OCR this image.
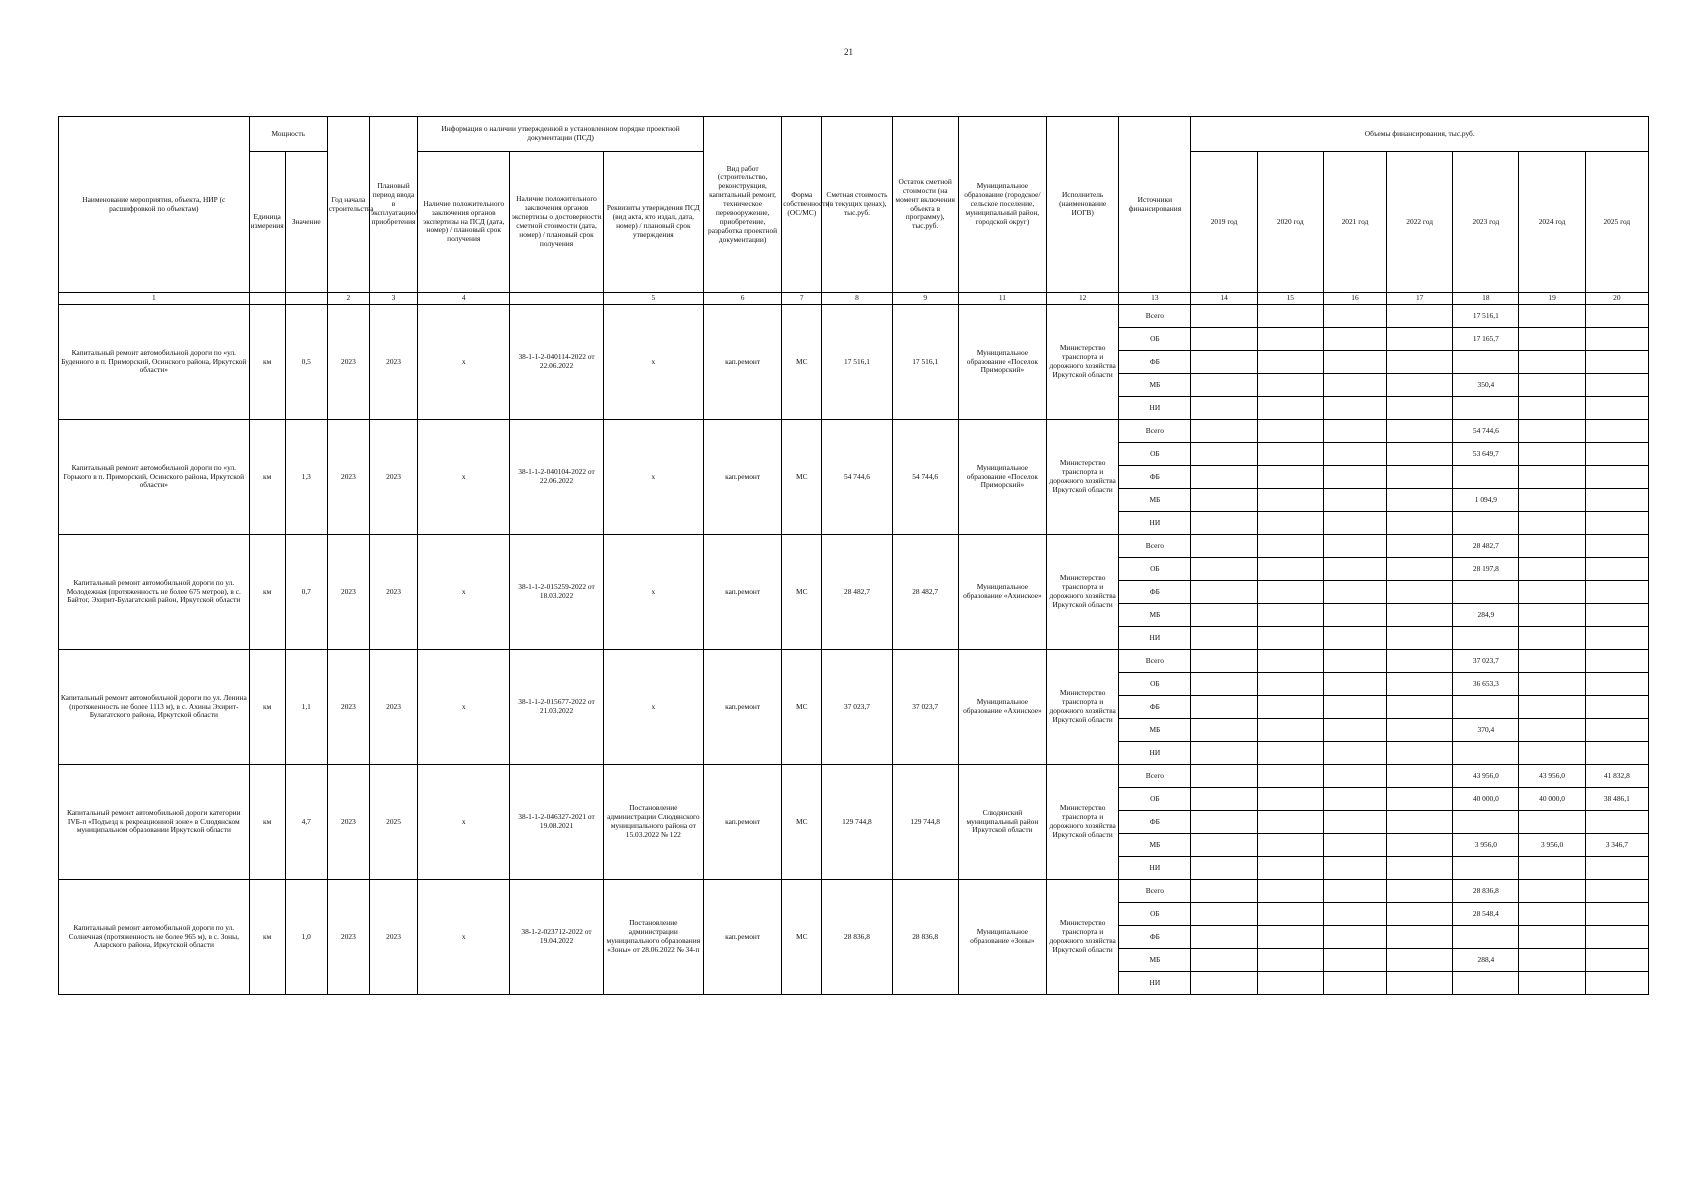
21
Наименование мероприятия, объекта, НИР (с расшифровкой по объектам)	Мощность		Год начала строительства	Плановый период ввода в эксплуатацию/приобретения	Информация о наличии утвержденной в установленном порядке проектной документации (ПСД)			Вид работ (строительство, реконструкция, капитальный ремонт, техническое перевооружение, приобретение, разработка проектной документации)	Форма собственности (ОС/МС)	Сметная стоимость (в текущих ценах), тыс.руб.	Остаток сметной стоимости (на момент включения объекта в программу), тыс.руб.	Муниципальное образование (городское/сельское поселение, муниципальный район, городской округ)	Исполнитель (наименование ИОГВ)	Источники финансирования	Объемы финансирования, тыс.руб.						
	Единица измерения	Значение			Наличие положительного заключения органов экспертизы на ПСД (дата, номер) / плановый срок получения	Наличие положительного заключения органов экспертизы о достоверности сметной стоимости (дата, номер) / плановый срок получения	Реквизиты утверждения ПСД (вид акта, кто издал, дата, номер) / плановый срок утверждения								2019 год	2020 год	2021 год	2022 год	2023 год	2024 год	2025 год
1			2	3	4		5	6	7	8	9	11	12	13	14	15	16	17	18	19	20
Капитальный ремонт автомобильной дороги по «ул. Буденного в п. Приморский, Осинского района, Иркутской области»	км	0,5	2023	2023	х	38-1-1-2-040114-2022 от 22.06.2022	х	кап.ремонт	МС	17 516,1	17 516,1	Муниципальное образование «Поселок Приморский»	Министерство транспорта и дорожного хозяйства Иркутской области	Всего					17 516,1		
														ОБ					17 165,7		
														ФБ							
														МБ					350,4		
														НИ							
Капитальный ремонт автомобильной дороги по «ул. Горького в п. Приморский, Осинского района, Иркутской области»	км	1,3	2023	2023	х	38-1-1-2-040104-2022 от 22.06.2022	х	кап.ремонт	МС	54 744,6	54 744,6	Муниципальное образование «Поселок Приморский»	Министерство транспорта и дорожного хозяйства Иркутской области	Всего					54 744,6		
														ОБ					53 649,7		
														ФБ							
														МБ					1 094,9		
														НИ							
Капитальный ремонт автомобильной дороги по ул. Молодежная (протяженность не более 675 метров), в с. Байтог, Эхирит-Булагатский район, Иркутской области	км	0,7	2023	2023	х	38-1-1-2-015259-2022 от 18.03.2022	х	кап.ремонт	МС	28 482,7	28 482,7	Муниципальное образование «Ахинское»	Министерство транспорта и дорожного хозяйства Иркутской области	Всего					28 482,7		
														ОБ					28 197,8		
														ФБ							
														МБ					284,9		
														НИ							
Капитальный ремонт автомобильной дороги по ул. Ленина (протяженность не более 1113 м), в с. Ахины Эхирит-Булагатского района, Иркутской области	км	1,1	2023	2023	х	38-1-1-2-015677-2022 от 21.03.2022	х	кап.ремонт	МС	37 023,7	37 023,7	Муниципальное образование «Ахинское»	Министерство транспорта и дорожного хозяйства Иркутской области	Всего					37 023,7		
														ОБ					36 653,3		
														ФБ							
														МБ					370,4		
														НИ							
Капитальный ремонт автомобильной дороги категории IVБ-п «Подъезд к рекреационной зоне» в Слюдянском муниципальном образовании Иркутской области	км	4,7	2023	2025	х	38-1-1-2-046327-2021 от 19.08.2021	Постановление администрации Слюдянского муниципального района от 15.03.2022 № 122	кап.ремонт	МС	129 744,8	129 744,8	Слюдянский муниципальный район Иркутской области	Министерство транспорта и дорожного хозяйства Иркутской области	Всего					43 956,0	43 956,0	41 832,8
														ОБ					40 000,0	40 000,0	38 486,1
														ФБ							
														МБ					3 956,0	3 956,0	3 346,7
														НИ							
Капитальный ремонт автомобильной дороги по ул. Солнечная (протяженность не более 965 м), в с. Зоны, Аларского района, Иркутской области	км	1,0	2023	2023	х	38-1-2-023712-2022 от 19.04.2022	Постановление администрации муниципального образования «Зоны» от 28.06.2022 № 34-п	кап.ремонт	МС	28 836,8	28 836,8	Муниципальное образование «Зоны»	Министерство транспорта и дорожного хозяйства Иркутской области	Всего					28 836,8		
														ОБ					28 548,4		
														ФБ							
														МБ					288,4		
														НИ							
